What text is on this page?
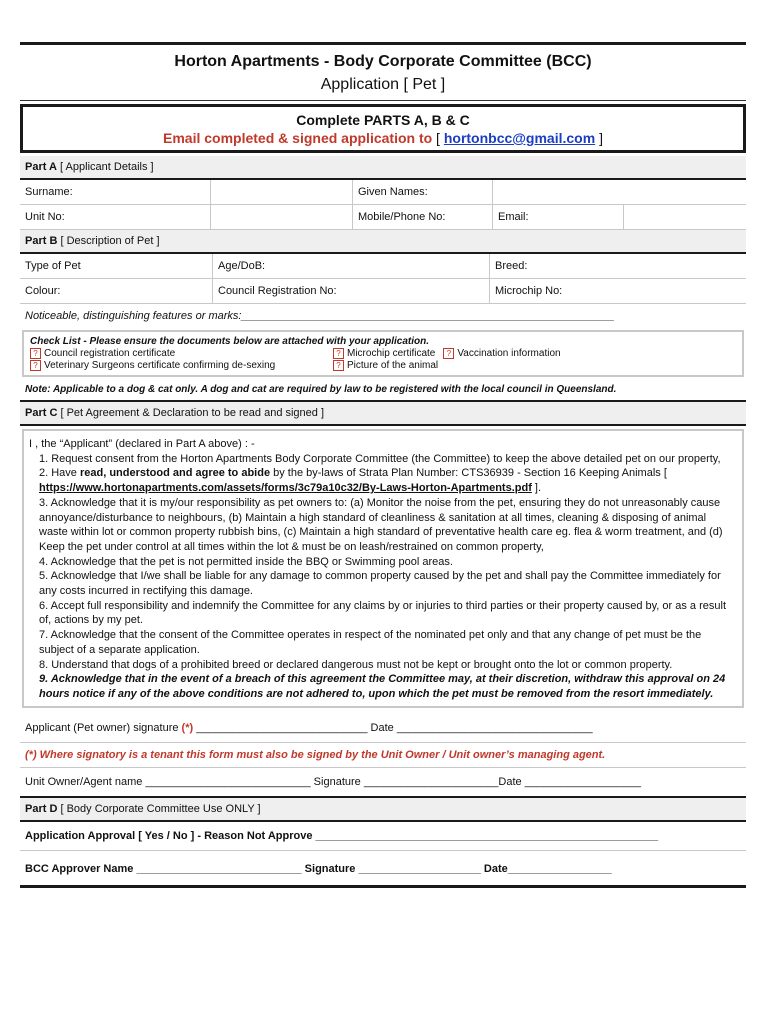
Horton Apartments - Body Corporate Committee (BCC)
Application [ Pet ]
Complete PARTS A, B & C
Email completed & signed application to [ hortonbcc@gmail.com ]
Part A [ Applicant Details ]
Surname:		Given Names:		
Unit No:		Mobile/Phone No:	Email:	
Part B [ Description of Pet ]
Type of Pet	Age/DoB:	Breed:
Colour:	Council Registration No:	Microchip No:
Noticeable, distinguishing features or marks:_____________________________________________________________
Check List - Please ensure the documents below are attached with your application.
? Council registration certificate	? Microchip certificate	? Vaccination information
? Veterinary Surgeons certificate confirming de-sexing	? Picture of the animal
Note: Applicable to a dog & cat only. A dog and cat are required by law to be registered with the local council in Queensland.
Part C [ Pet Agreement & Declaration to be read and signed ]

I , the “Applicant” (declared in Part A above) : -

1. Request consent from the Horton Apartments Body Corporate Committee (the Committee) to keep the above detailed pet on our property,

2. Have read, understood and agree to abide by the by-laws of Strata Plan Number: CTS36939 - Section 16 Keeping Animals [ https://www.hortonapartments.com/assets/forms/3c79a10c32/By-Laws-Horton-Apartments.pdf ].

3. Acknowledge that it is my/our responsibility as pet owners to: (a) Monitor the noise from the pet, ensuring they do not unreasonably cause annoyance/disturbance to neighbours, (b) Maintain a high standard of cleanliness & sanitation at all times, cleaning & disposing of animal waste within lot or common property rubbish bins, (c) Maintain a high standard of preventative health care eg. flea & worm treatment, and (d) Keep the pet under control at all times within the lot & must be on leash/restrained on common property,

4. Acknowledge that the pet is not permitted inside the BBQ or Swimming pool areas.

5. Acknowledge that I/we shall be liable for any damage to common property caused by the pet and shall pay the Committee immediately for any costs incurred in rectifying this damage.

6. Accept full responsibility and indemnify the Committee for any claims by or injuries to third parties or their property caused by, or as a result of, actions by my pet.

7. Acknowledge that the consent of the Committee operates in respect of the nominated pet only and that any change of pet must be the subject of a separate application.

8. Understand that dogs of a prohibited breed or declared dangerous must not be kept or brought onto the lot or common property.

9. Acknowledge that in the event of a breach of this agreement the Committee may, at their discretion, withdraw this approval on 24 hours notice if any of the above conditions are not adhered to, upon which the pet must be removed from the resort immediately.

Applicant (Pet owner) signature (*) ____________________________ Date ________________________________
(*) Where signatory is a tenant this form must also be signed by the Unit Owner / Unit owner’s managing agent.
Unit Owner/Agent name ___________________________ Signature ______________________Date ___________________
Part D [ Body Corporate Committee Use ONLY ]
Application Approval [ Yes / No ] - Reason Not Approve ________________________________________________________
BCC Approver Name ___________________________ Signature ____________________ Date_________________
